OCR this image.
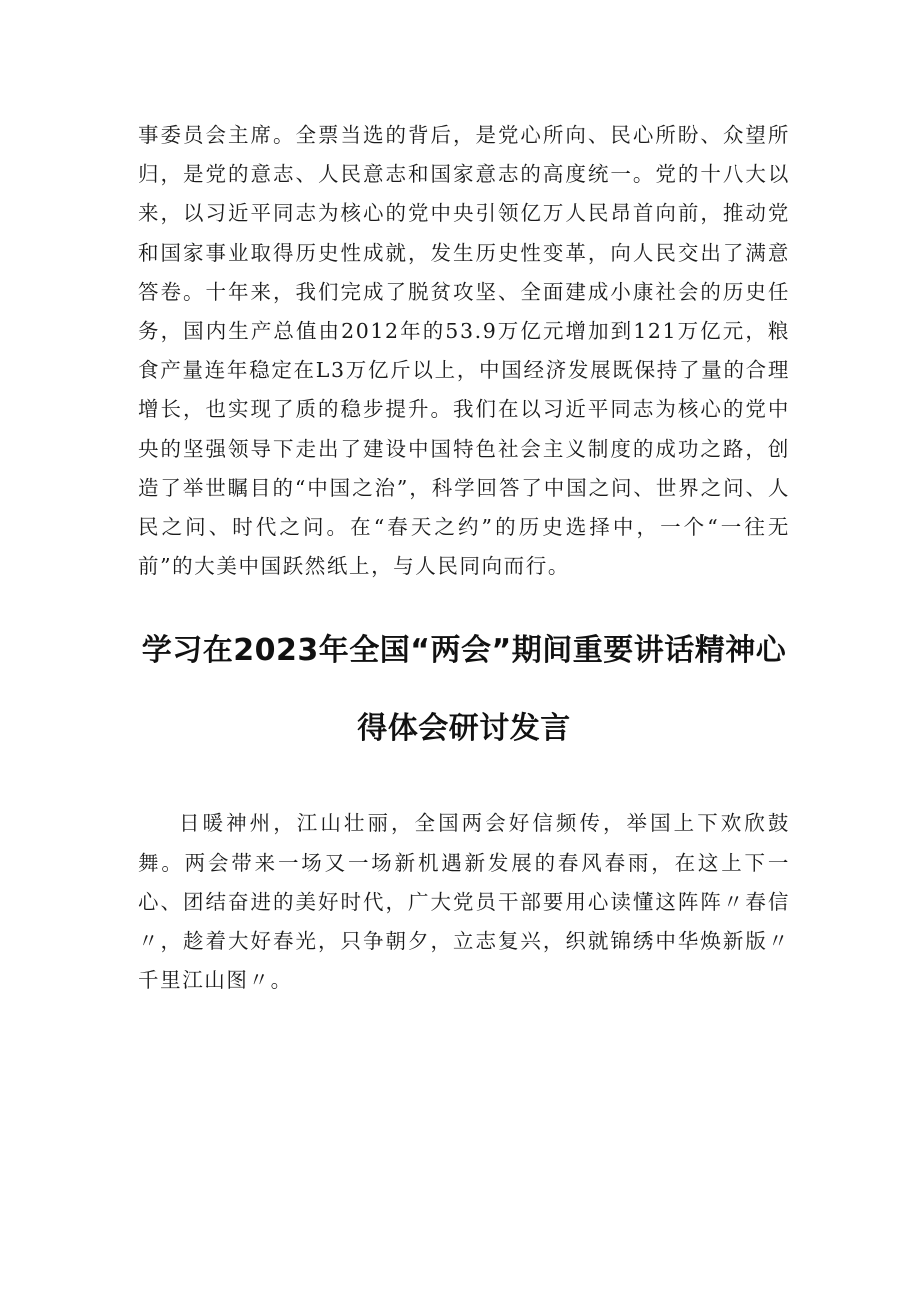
事委员会主席。全票当选的背后，是党心所向、民心所盼、众望所归，是党的意志、人民意志和国家意志的高度统一。党的十八大以来，以习近平同志为核心的党中央引领亿万人民昂首向前，推动党和国家事业取得历史性成就，发生历史性变革，向人民交出了满意答卷。十年来，我们完成了脱贫攻坚、全面建成小康社会的历史任务，国内生产总值由2012年的53.9万亿元增加到121万亿元，粮食产量连年稳定在L3万亿斤以上，中国经济发展既保持了量的合理增长，也实现了质的稳步提升。我们在以习近平同志为核心的党中央的坚强领导下走出了建设中国特色社会主义制度的成功之路，创造了举世瞩目的“中国之治”，科学回答了中国之问、世界之问、人民之问、时代之问。在“春天之约”的历史选择中，一个“一往无前”的大美中国跃然纸上，与人民同向而行。

学习在2023年全国“两会”期间重要讲话精神心得体会研讨发言

日暖神州，江山壮丽，全国两会好信频传，举国上下欢欣鼓舞。两会带来一场又一场新机遇新发展的春风春雨，在这上下一心、团结奋进的美好时代，广大党员干部要用心读懂这阵阵〃春信〃，趁着大好春光，只争朝夕，立志复兴，织就锦绣中华焕新版〃千里江山图〃。
